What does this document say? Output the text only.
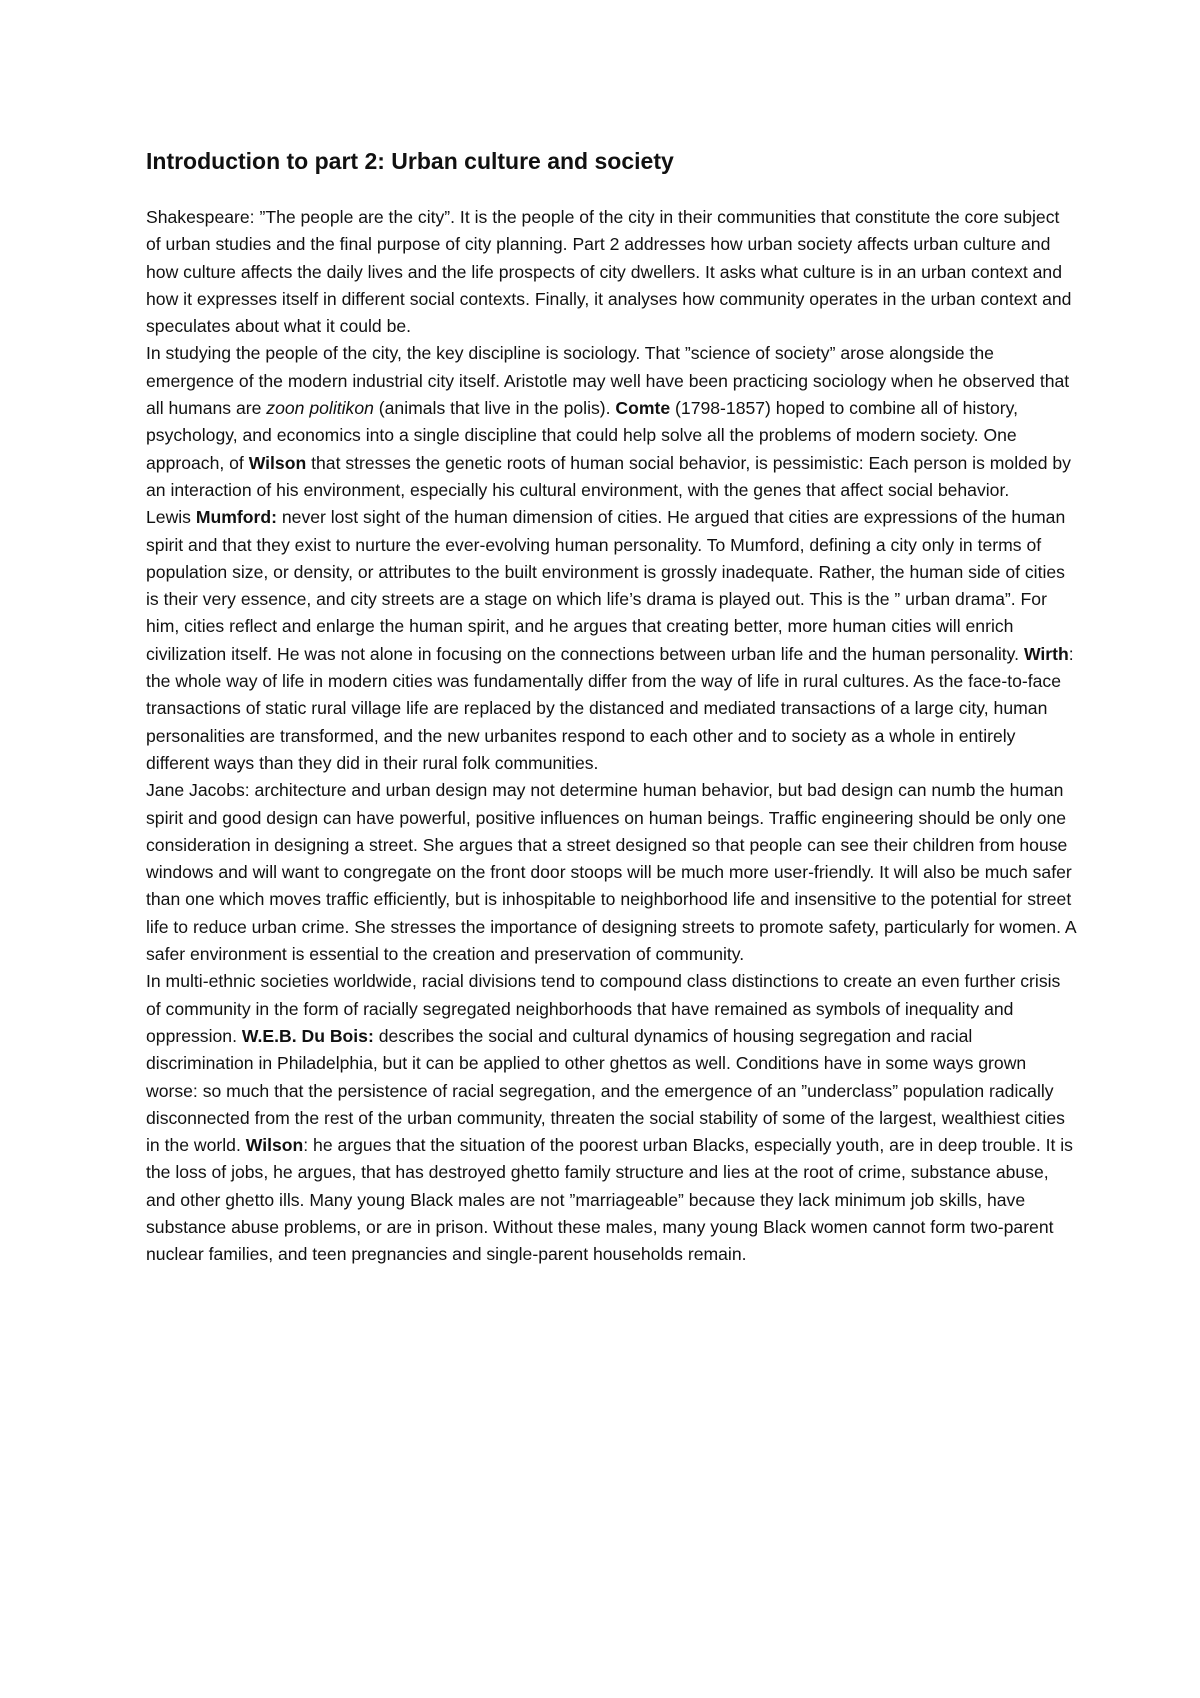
Introduction to part 2: Urban culture and society

Shakespeare: ”The people are the city”. It is the people of the city in their communities that constitute the core subject of urban studies and the final purpose of city planning. Part 2 addresses how urban society affects urban culture and how culture affects the daily lives and the life prospects of city dwellers. It asks what culture is in an urban context and how it expresses itself in different social contexts. Finally, it analyses how community operates in the urban context and speculates about what it could be.

In studying the people of the city, the key discipline is sociology. That ”science of society” arose alongside the emergence of the modern industrial city itself. Aristotle may well have been practicing sociology when he observed that all humans are zoon politikon (animals that live in the polis). Comte (1798-1857) hoped to combine all of history, psychology, and economics into a single discipline that could help solve all the problems of modern society. One approach, of Wilson that stresses the genetic roots of human social behavior, is pessimistic: Each person is molded by an interaction of his environment, especially his cultural environment, with the genes that affect social behavior.

Lewis Mumford: never lost sight of the human dimension of cities. He argued that cities are expressions of the human spirit and that they exist to nurture the ever-evolving human personality. To Mumford, defining a city only in terms of population size, or density, or attributes to the built environment is grossly inadequate. Rather, the human side of cities is their very essence, and city streets are a stage on which life’s drama is played out. This is the ” urban drama”. For him, cities reflect and enlarge the human spirit, and he argues that creating better, more human cities will enrich civilization itself. He was not alone in focusing on the connections between urban life and the human personality. Wirth: the whole way of life in modern cities was fundamentally differ from the way of life in rural cultures. As the face-to-face transactions of static rural village life are replaced by the distanced and mediated transactions of a large city, human personalities are transformed, and the new urbanites respond to each other and to society as a whole in entirely different ways than they did in their rural folk communities.

Jane Jacobs: architecture and urban design may not determine human behavior, but bad design can numb the human spirit and good design can have powerful, positive influences on human beings. Traffic engineering should be only one consideration in designing a street. She argues that a street designed so that people can see their children from house windows and will want to congregate on the front door stoops will be much more user-friendly. It will also be much safer than one which moves traffic efficiently, but is inhospitable to neighborhood life and insensitive to the potential for street life to reduce urban crime. She stresses the importance of designing streets to promote safety, particularly for women. A safer environment is essential to the creation and preservation of community.

In multi-ethnic societies worldwide, racial divisions tend to compound class distinctions to create an even further crisis of community in the form of racially segregated neighborhoods that have remained as symbols of inequality and oppression. W.E.B. Du Bois: describes the social and cultural dynamics of housing segregation and racial discrimination in Philadelphia, but it can be applied to other ghettos as well. Conditions have in some ways grown worse: so much that the persistence of racial segregation, and the emergence of an ”underclass” population radically disconnected from the rest of the urban community, threaten the social stability of some of the largest, wealthiest cities in the world. Wilson: he argues that the situation of the poorest urban Blacks, especially youth, are in deep trouble. It is the loss of jobs, he argues, that has destroyed ghetto family structure and lies at the root of crime, substance abuse, and other ghetto ills. Many young Black males are not ”marriageable” because they lack minimum job skills, have substance abuse problems, or are in prison. Without these males, many young Black women cannot form two-parent nuclear families, and teen pregnancies and single-parent households remain.
